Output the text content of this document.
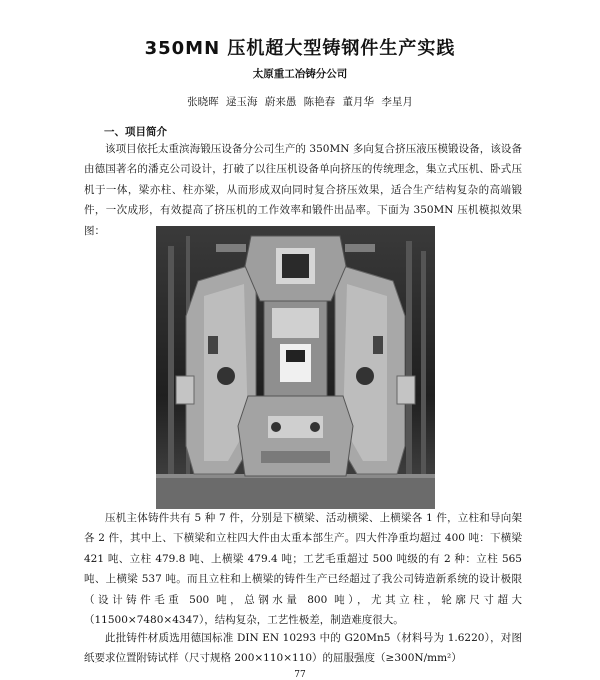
350MN 压机超大型铸钢件生产实践
太原重工冶铸分公司
张晓晖 逯玉海 蔚来愚 陈艳春 董月华 李星月
一、项目简介
该项目依托太重滨海锻压设备分公司生产的 350MN 多向复合挤压液压模锻设备，该设备由德国著名的潘克公司设计，打破了以往压机设备单向挤压的传统理念，集立式压机、卧式压机于一体，梁亦柱、柱亦梁，从而形成双向同时复合挤压效果，适合生产结构复杂的高端锻件，一次成形，有效提高了挤压机的工作效率和锻件出品率。下面为 350MN 压机模拟效果图：
压机主体铸件共有 5 种 7 件，分别是下横梁、活动横梁、上横梁各 1 件，立柱和导向架各 2 件，其中上、下横梁和立柱四大件由太重本部生产。四大件净重均超过 400 吨：下横梁 421 吨、立柱 479.8 吨、上横梁 479.4 吨；工艺毛重超过 500 吨级的有 2 种：立柱 565 吨、上横梁 537 吨。而且立柱和上横梁的铸件生产已经超过了我公司铸造新系统的设计极限（设计铸件毛重 500 吨，总钢水量 800 吨），尤其立柱，轮廓尺寸超大（11500×7480×4347），结构复杂，工艺性极差，制造难度很大。
此批铸件材质选用德国标准 DIN EN 10293 中的 G20Mn5（材料号为 1.6220），对图纸要求位置附铸试样（尺寸规格 200×110×110）的屈服强度（≥300N/mm²）
77
